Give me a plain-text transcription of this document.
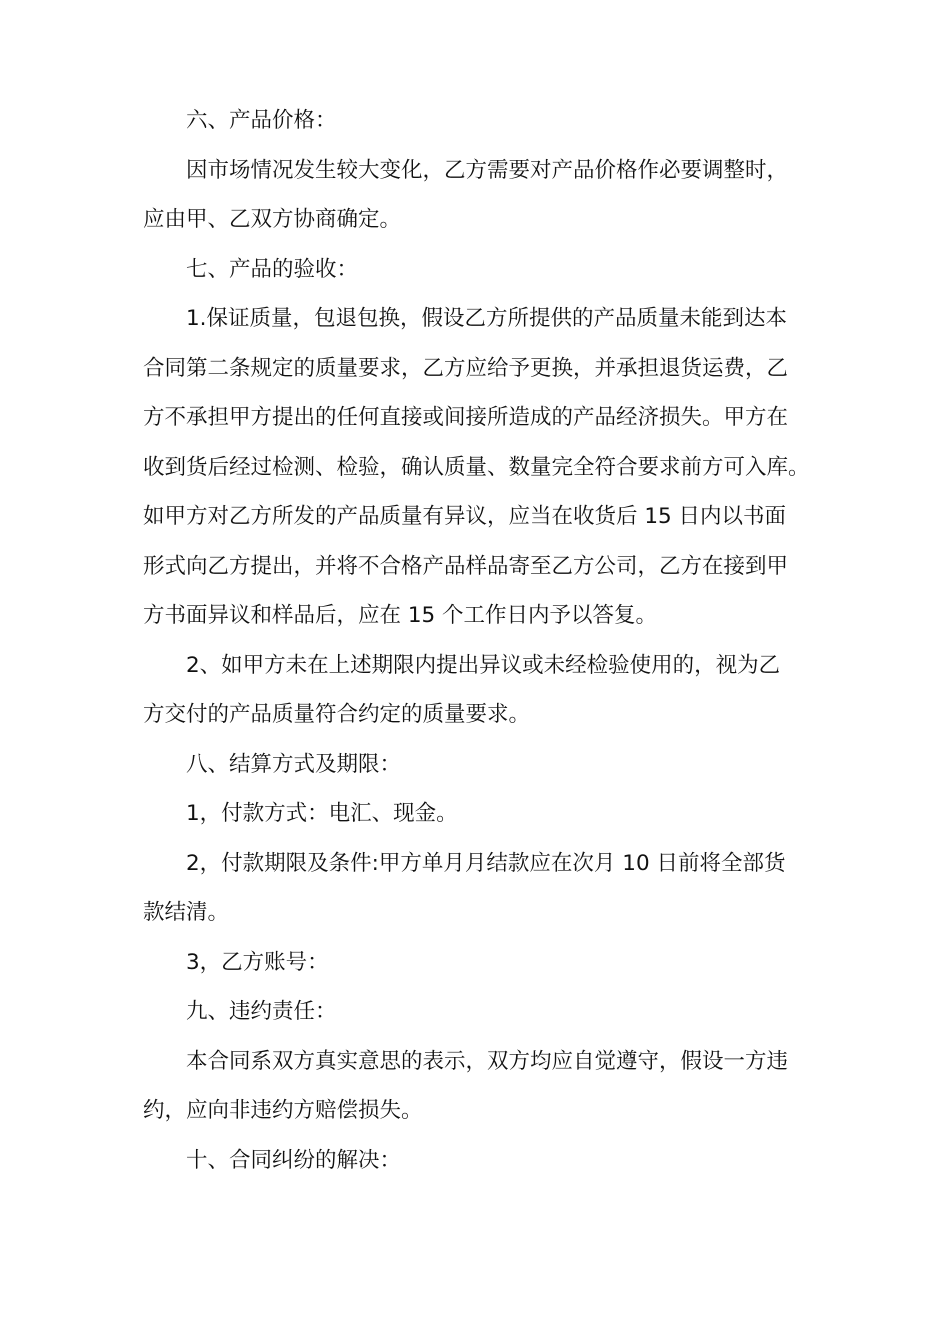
六、产品价格：
因市场情况发生较大变化，乙方需要对产品价格作必要调整时，
应由甲、乙双方协商确定。
七、产品的验收：
1.保证质量，包退包换，假设乙方所提供的产品质量未能到达本
合同第二条规定的质量要求，乙方应给予更换，并承担退货运费，乙
方不承担甲方提出的任何直接或间接所造成的产品经济损失。甲方在
收到货后经过检测、检验，确认质量、数量完全符合要求前方可入库。
如甲方对乙方所发的产品质量有异议，应当在收货后 15 日内以书面
形式向乙方提出，并将不合格产品样品寄至乙方公司，乙方在接到甲
方书面异议和样品后，应在 15 个工作日内予以答复。
2、如甲方未在上述期限内提出异议或未经检验使用的，视为乙
方交付的产品质量符合约定的质量要求。
八、结算方式及期限：
1，付款方式：电汇、现金。
2，付款期限及条件:甲方单月月结款应在次月 10 日前将全部货
款结清。
3，乙方账号：
九、违约责任：
本合同系双方真实意思的表示，双方均应自觉遵守，假设一方违
约，应向非违约方赔偿损失。
十、合同纠纷的解决：
